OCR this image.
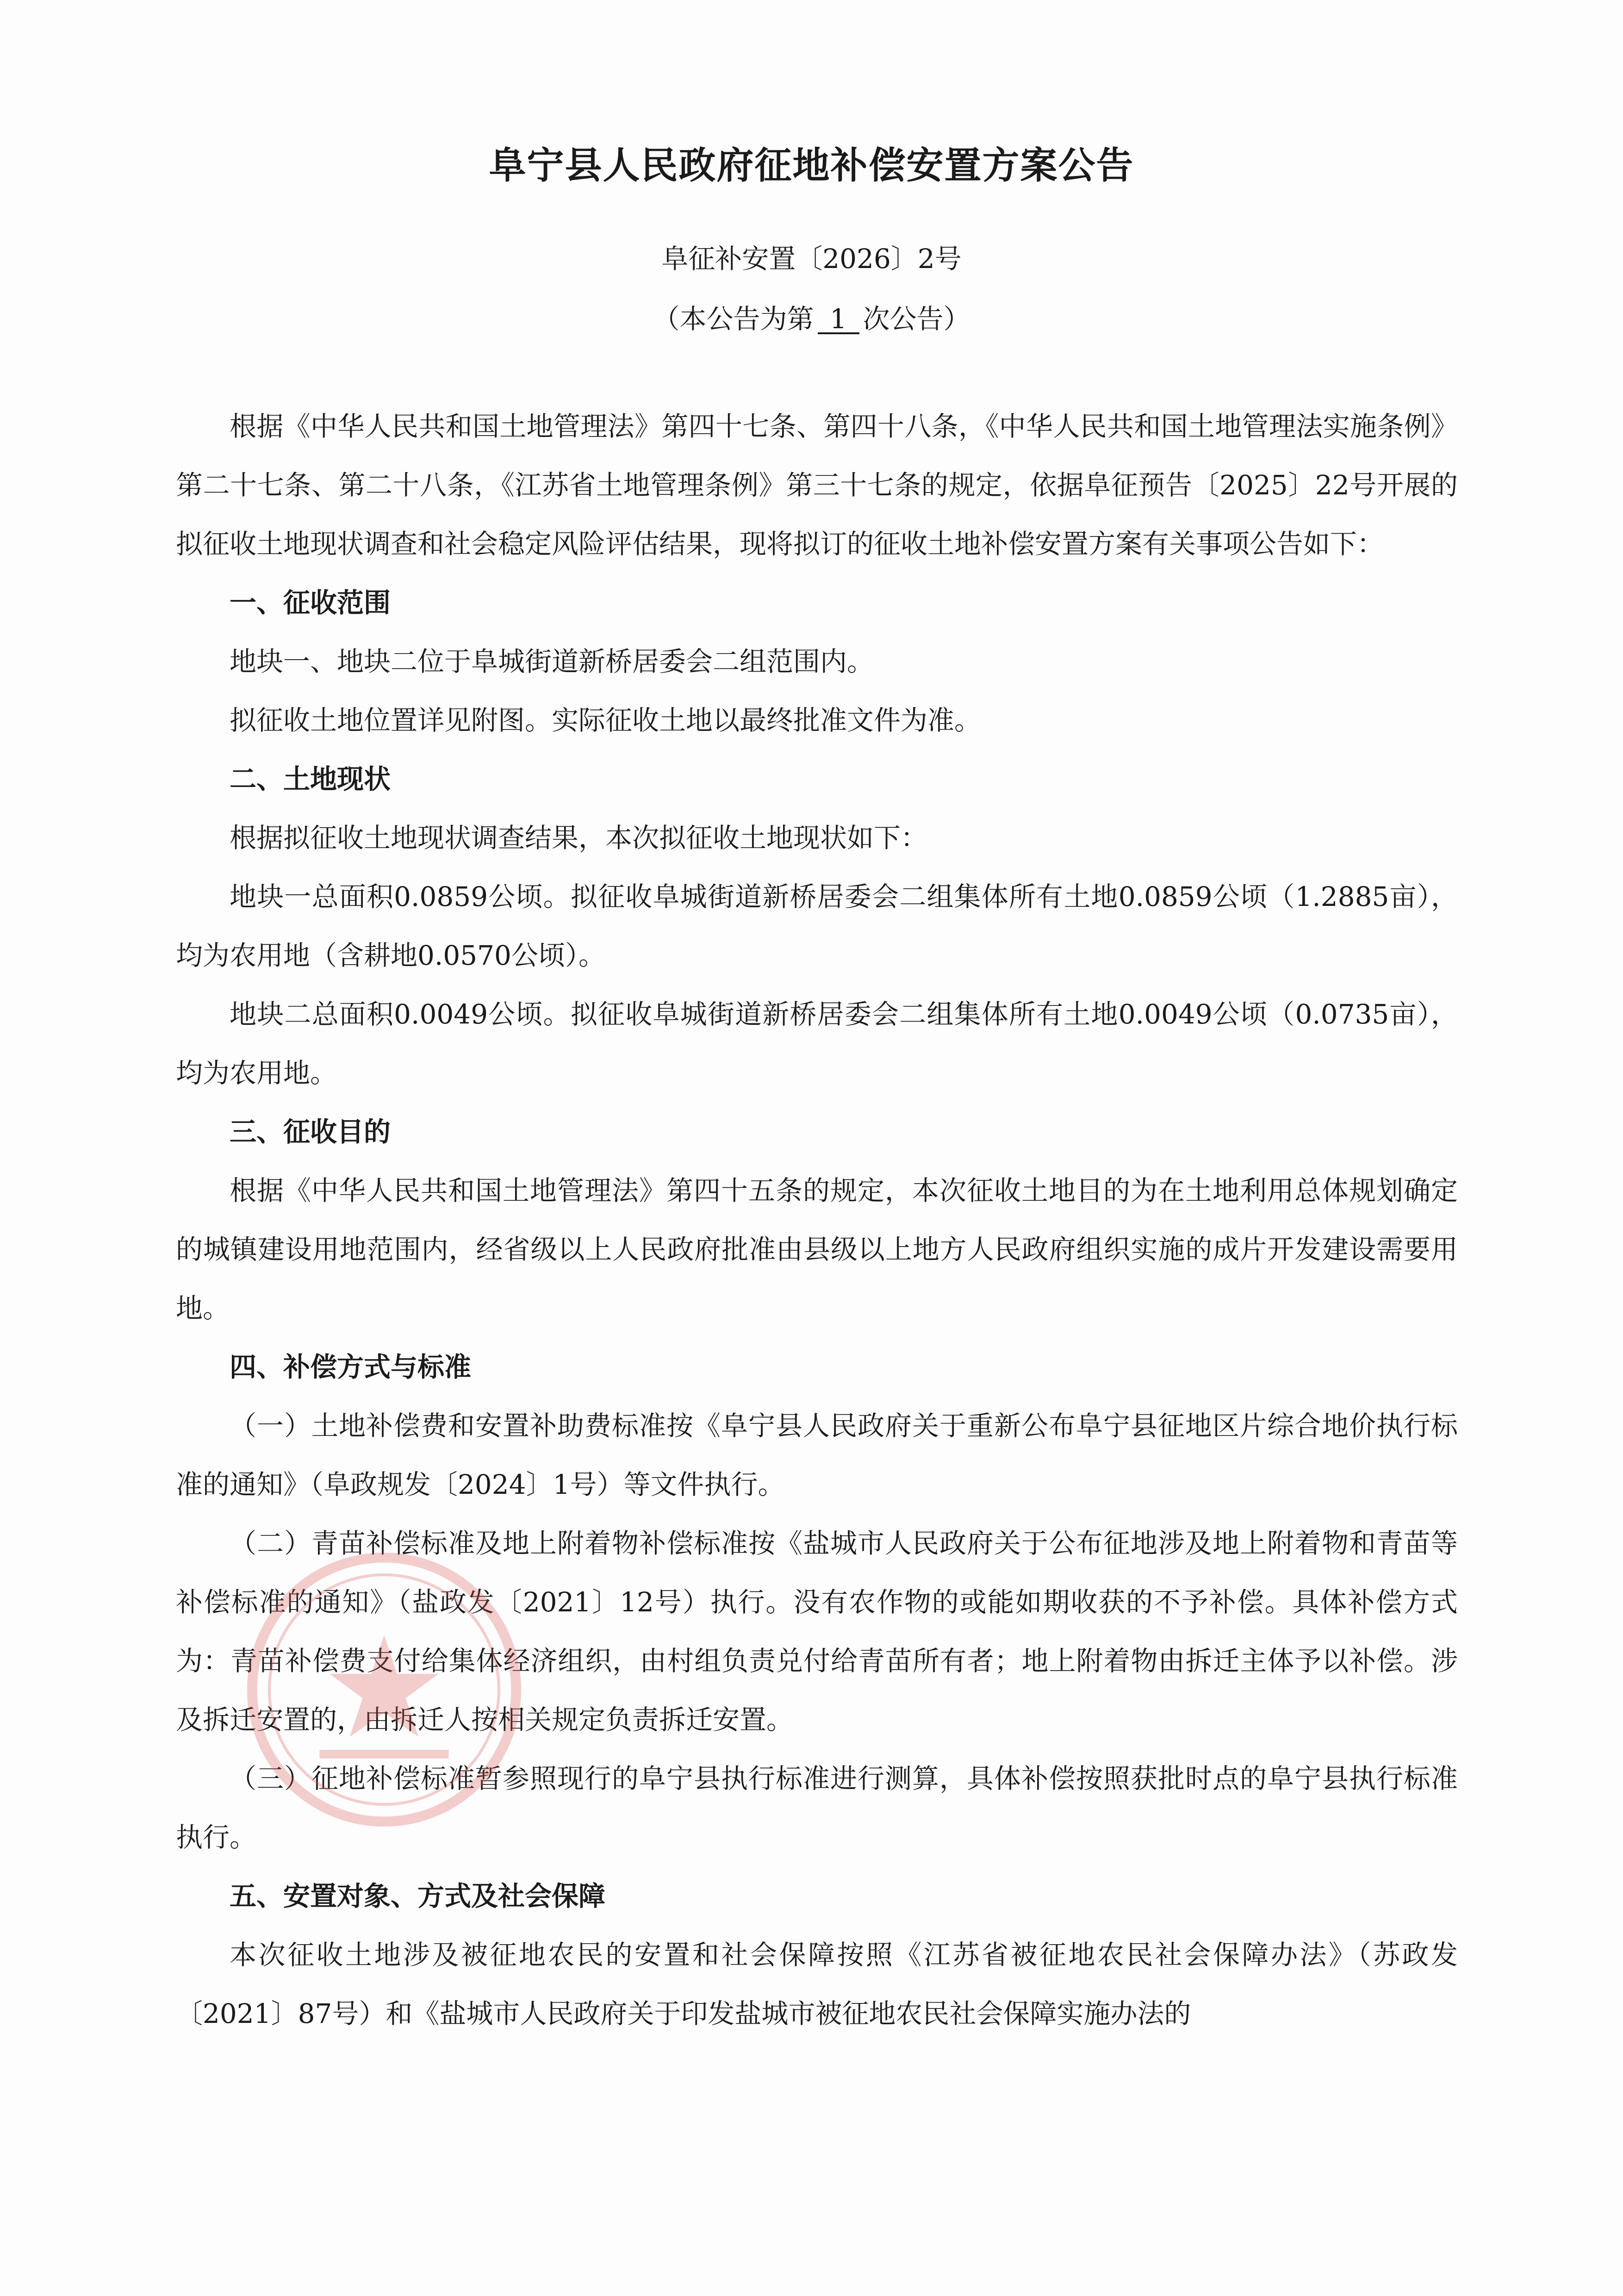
阜宁县人民政府征地补偿安置方案公告
阜征补安置〔2026〕2号
（本公告为第 1 次公告）

根据《中华人民共和国土地管理法》第四十七条、第四十八条，《中华人民共和国土地管理法实施条例》第二十七条、第二十八条，《江苏省土地管理条例》第三十七条的规定，依据阜征预告〔2025〕22号开展的拟征收土地现状调查和社会稳定风险评估结果，现将拟订的征收土地补偿安置方案有关事项公告如下：

一、征收范围

地块一、地块二位于阜城街道新桥居委会二组范围内。

拟征收土地位置详见附图。实际征收土地以最终批准文件为准。

二、土地现状

根据拟征收土地现状调查结果，本次拟征收土地现状如下：

地块一总面积0.0859公顷。拟征收阜城街道新桥居委会二组集体所有土地0.0859公顷（1.2885亩），均为农用地（含耕地0.0570公顷）。

地块二总面积0.0049公顷。拟征收阜城街道新桥居委会二组集体所有土地0.0049公顷（0.0735亩），均为农用地。

三、征收目的

根据《中华人民共和国土地管理法》第四十五条的规定，本次征收土地目的为在土地利用总体规划确定的城镇建设用地范围内，经省级以上人民政府批准由县级以上地方人民政府组织实施的成片开发建设需要用地。

四、补偿方式与标准

（一）土地补偿费和安置补助费标准按《阜宁县人民政府关于重新公布阜宁县征地区片综合地价执行标准的通知》（阜政规发〔2024〕1号）等文件执行。

（二）青苗补偿标准及地上附着物补偿标准按《盐城市人民政府关于公布征地涉及地上附着物和青苗等补偿标准的通知》（盐政发〔2021〕12号）执行。没有农作物的或能如期收获的不予补偿。具体补偿方式为：青苗补偿费支付给集体经济组织，由村组负责兑付给青苗所有者；地上附着物由拆迁主体予以补偿。涉及拆迁安置的，由拆迁人按相关规定负责拆迁安置。

（三）征地补偿标准暂参照现行的阜宁县执行标准进行测算，具体补偿按照获批时点的阜宁县执行标准执行。

五、安置对象、方式及社会保障

本次征收土地涉及被征地农民的安置和社会保障按照《江苏省被征地农民社会保障办法》（苏政发〔2021〕87号）和《盐城市人民政府关于印发盐城市被征地农民社会保障实施办法的
